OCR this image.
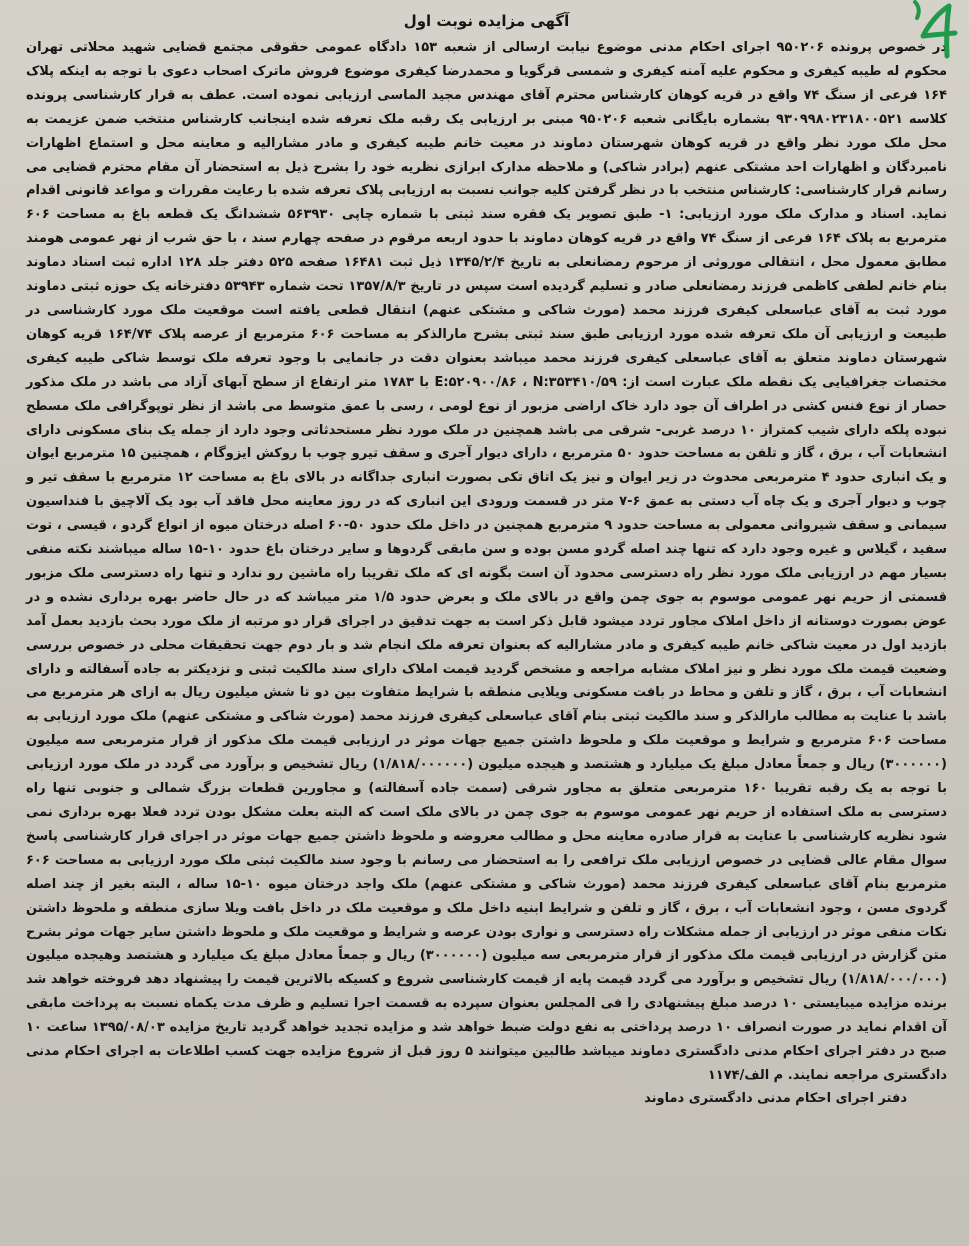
آگهی مزایده نوبت اول

در خصوص پرونده ۹۵۰۲۰۶ اجرای احکام مدنی موضوع نیابت ارسالی از شعبه ۱۵۳ دادگاه عمومی حقوقی مجتمع قضایی شهید محلاتی تهران محکوم له طیبه کیفری و محکوم علیه آمنه کیفری و شمسی قرگویا و محمدرضا کیفری موضوع فروش ماترک اصحاب دعوی با توجه به اینکه پلاک ۱۶۴ فرعی از سنگ ۷۴ واقع در قریه کوهان کارشناس محترم آقای مهندس مجید الماسی ارزیابی نموده است. عطف به قرار کارشناسی پرونده کلاسه ۹۳۰۹۹۸۰۲۳۱۸۰۰۵۲۱ بشماره بایگانی شعبه ۹۵۰۲۰۶ مبنی بر ارزیابی یک رقبه ملک تعرفه شده اینجانب کارشناس منتخب ضمن عزیمت به محل ملک مورد نظر واقع در قریه کوهان شهرستان دماوند در معیت خانم طیبه کیفری و مادر مشارالیه و معاینه محل و استماع اظهارات نامبردگان و اظهارات احد مشتکی عنهم (برادر شاکی) و ملاحظه مدارک ابرازی نظریه خود را بشرح ذیل به استحضار آن مقام محترم قضایی می رسانم قرار کارشناسی: کارشناس منتخب با در نظر گرفتن کلیه جوانب نسبت به ارزیابی پلاک تعرفه شده با رعایت مقررات و مواعد قانونی اقدام نماید. اسناد و مدارک ملک مورد ارزیابی: ۱- طبق تصویر یک فقره سند ثبتی با شماره چاپی ۵۶۳۹۳۰ ششدانگ یک قطعه باغ به مساحت ۶۰۶ مترمربع به پلاک ۱۶۴ فرعی از سنگ ۷۴ واقع در قریه کوهان دماوند با حدود اربعه مرقوم در صفحه چهارم سند ، با حق شرب از نهر عمومی هومند مطابق معمول محل ، انتقالی موروثی از مرحوم رمضانعلی به تاریخ ۱۳۴۵/۲/۴ ذیل ثبت ۱۶۴۸۱ صفحه ۵۲۵ دفتر جلد ۱۲۸ اداره ثبت اسناد دماوند بنام خانم لطفی کاظمی فرزند رمضانعلی صادر و تسلیم گردیده است سپس در تاریخ ۱۳۵۷/۸/۳ تحت شماره ۵۳۹۴۳ دفترخانه یک حوزه ثبتی دماوند مورد ثبت به آقای عباسعلی کیفری فرزند محمد (مورث شاکی و مشتکی عنهم) انتقال قطعی یافته است موقعیت ملک مورد کارشناسی در طبیعت و ارزیابی آن ملک تعرفه شده مورد ارزیابی طبق سند ثبتی بشرح مارالذکر به مساحت ۶۰۶ مترمربع از عرصه پلاک ۱۶۴/۷۴ قریه کوهان شهرستان دماوند متعلق به آقای عباسعلی کیفری فرزند محمد میباشد بعنوان دقت در جانمایی با وجود تعرفه ملک توسط شاکی طیبه کیفری مختصات جغرافیایی یک نقطه ملک عبارت است از: E:۵۲۰۹۰۰/۸۶ ، N:۳۵۳۴۱۰/۵۹ با ۱۷۸۳ متر ارتفاع از سطح آبهای آزاد می باشد در ملک مذکور حصار از نوع فنس کشی در اطراف آن جود دارد خاک اراضی مزبور از نوع لومی ، رسی با عمق متوسط می باشد از نظر توپوگرافی ملک مسطح نبوده پلکه دارای شیب کمتراز ۱۰ درصد غربی- شرقی می باشد همچنین در ملک مورد نظر مستحدثاتی وجود دارد از جمله یک بنای مسکونی دارای انشعابات آب ، برق ، گاز و تلفن به مساحت حدود ۵۰ مترمربع ، دارای دیوار آجری و سقف تیرو چوب با روکش ایزوگام ، همچنین ۱۵ مترمربع ایوان و یک انباری حدود ۴ مترمربعی محدوث در زیر ایوان و نیز یک اتاق تکی بصورت انباری جداگانه در بالای باغ به مساحت ۱۲ مترمربع با سقف تیر و چوب و دیوار آجری و یک چاه آب دستی به عمق ۶-۷ متر در قسمت ورودی این انباری که در روز معاینه محل فاقد آب بود یک آلاچیق با فنداسیون سیمانی و سقف شیروانی معمولی به مساحت حدود ۹ مترمربع همچنین در داخل ملک حدود ۵۰-۶۰ اصله درختان میوه از انواع گردو ، قیسی ، توت سفید ، گیلاس و غیره وجود دارد که تنها چند اصله گردو مسن بوده و سن مابقی گردوها و سایر درختان باغ حدود ۱۰-۱۵ ساله میباشند نکته منفی بسیار مهم در ارزیابی ملک مورد نظر راه دسترسی محدود آن است بگونه ای که ملک تقریبا راه ماشین رو ندارد و تنها راه دسترسی ملک مزبور قسمتی از حریم نهر عمومی موسوم به جوی چمن واقع در بالای ملک و بعرض حدود ۱/۵ متر میباشد که در حال حاضر بهره برداری نشده و در عوض بصورت دوستانه از داخل املاک مجاور تردد میشود قابل ذکر است به جهت تدقیق در اجرای قرار دو مرتبه از ملک مورد بحث بازدید بعمل آمد بازدید اول در معیت شاکی خانم طیبه کیفری و مادر مشارالیه که بعنوان تعرفه ملک انجام شد و بار دوم جهت تحقیقات محلی در خصوص بررسی وضعیت قیمت ملک مورد نظر و نیز املاک مشابه مراجعه و مشخص گردید قیمت املاک دارای سند مالکیت ثبتی و نزدیکتر به جاده آسفالته و دارای انشعابات آب ، برق ، گاز و تلفن و محاط در بافت مسکونی ویلایی منطقه با شرایط متفاوت بین دو تا شش میلیون ریال به ازای هر مترمربع می باشد با عنایت به مطالب مارالذکر و سند مالکیت ثبتی بنام آقای عباسعلی کیفری فرزند محمد (مورث شاکی و مشتکی عنهم) ملک مورد ارزیابی به مساحت ۶۰۶ مترمربع و شرایط و موقعیت ملک و ملحوظ داشتن جمیع جهات موثر در ارزیابی قیمت ملک مذکور از قرار مترمربعی سه میلیون (۳۰۰۰۰۰۰) ریال و جمعاً معادل مبلغ یک میلیارد و هشتصد و هیجده میلیون (۱/۸۱۸/۰۰۰۰۰۰) ریال تشخیص و برآورد می گردد در ملک مورد ارزیابی با توجه به یک رقبه تقریبا ۱۶۰ مترمربعی متعلق به مجاور شرقی (سمت جاده آسفالته) و مجاورین قطعات بزرگ شمالی و جنوبی تنها راه دسترسی به ملک استفاده از حریم نهر عمومی موسوم به جوی چمن در بالای ملک است که البته بعلت مشکل بودن تردد فعلا بهره برداری نمی شود نظریه کارشناسی با عنایت به قرار صادره معاینه محل و مطالب معروضه و ملحوظ داشتن جمیع جهات موثر در اجرای قرار کارشناسی پاسخ سوال مقام عالی قضایی در خصوص ارزیابی ملک ترافعی را به استحضار می رسانم با وجود سند مالکیت ثبتی ملک مورد ارزیابی به مساحت ۶۰۶ مترمربع بنام آقای عباسعلی کیفری فرزند محمد (مورث شاکی و مشتکی عنهم) ملک واجد درختان میوه ۱۰-۱۵ ساله ، البته بغیر از چند اصله گردوی مسن ، وجود انشعابات آب ، برق ، گاز و تلفن و شرایط ابنیه داخل ملک و موقعیت ملک در داخل بافت ویلا سازی منطقه و ملحوظ داشتن نکات منفی موثر در ارزیابی از جمله مشکلات راه دسترسی و نواری بودن عرصه و شرایط و موقعیت ملک و ملحوظ داشتن سایر جهات موثر بشرح متن گزارش در ارزیابی قیمت ملک مذکور از قرار مترمربعی سه میلیون (۳۰۰۰۰۰۰) ریال و جمعاً معادل مبلغ یک میلیارد و هشتصد وهیجده میلیون (۱/۸۱۸/۰۰۰/۰۰۰) ریال تشخیص و برآورد می گردد قیمت پایه از قیمت کارشناسی شروع و کسیکه بالاترین قیمت را پیشنهاد دهد فروخته خواهد شد برنده مزایده میبایستی ۱۰ درصد مبلغ پیشنهادی را فی المجلس بعنوان سپرده به قسمت اجرا تسلیم و ظرف مدت یکماه نسبت به پرداخت مابقی آن اقدام نماید در صورت انصراف ۱۰ درصد پرداختی به نفع دولت ضبط خواهد شد و مزایده تجدید خواهد گردید تاریخ مزایده ۱۳۹۵/۰۸/۰۳ ساعت ۱۰ صبح در دفتر اجرای احکام مدنی دادگستری دماوند میباشد طالبین میتوانند ۵ روز قبل از شروع مزایده جهت کسب اطلاعات به اجرای احکام مدنی دادگستری مراجعه نمایند. م الف/۱۱۷۴

دفتر اجرای احکام مدنی دادگستری دماوند
